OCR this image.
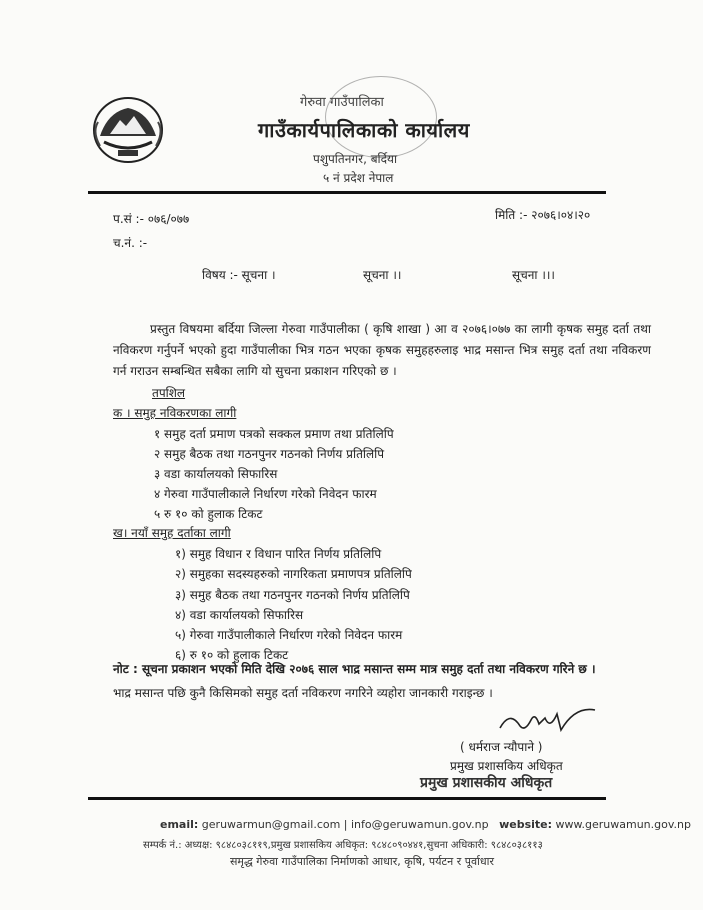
गेरुवा गाउँपालिका
गाउँकार्यपालिकाको कार्यालय
पशुपतिनगर, बर्दिया
५ नं प्रदेश नेपाल
प.सं :- ०७६/०७७	मिति :- २०७६।०४।२०
च.नं. :-
विषय :- सूचना ।	सूचना ।।	सूचना ।।।
प्रस्तुत विषयमा बर्दिया जिल्ला गेरुवा गाउँपालीका ( कृषि शाखा ) आ व २०७६।०७७ का लागी कृषक समुह दर्ता तथा नविकरण गर्नुपर्ने भएको हुदा गाउँपालीका भित्र गठन भएका कृषक समुहहरुलाइ भाद्र मसान्त भित्र समुह दर्ता तथा नविकरण गर्न गराउन सम्बन्धित सबैका लागि यो सुचना प्रकाशन गरिएको छ ।
तपशिल
क । समुह नविकरणका लागी
१ समुह दर्ता प्रमाण पत्रको सक्कल प्रमाण तथा प्रतिलिपि
२ समुह बैठक तथा गठनपुनर गठनको निर्णय प्रतिलिपि
३ वडा कार्यालयको सिफारिस
४ गेरुवा गाउँपालीकाले निर्धारण गरेको निवेदन फारम
५ रु १० को हुलाक टिकट
ख। नयाँ समुह दर्ताका लागी
१) समुह विधान र विधान पारित निर्णय प्रतिलिपि
२) समुहका सदस्यहरुको नागरिकता प्रमाणपत्र प्रतिलिपि
३) समुह बैठक तथा गठनपुनर गठनको निर्णय प्रतिलिपि
४) वडा कार्यालयको सिफारिस
५) गेरुवा गाउँपालीकाले निर्धारण गरेको निवेदन फारम
६) रु १० को हुलाक टिकट
नोट : सूचना प्रकाशन भएको मिति देखि २०७६ साल भाद्र मसान्त सम्म मात्र समुह दर्ता तथा नविकरण गरिने छ ।
भाद्र मसान्त पछि कुनै किसिमको समुह दर्ता नविकरण नगरिने व्यहोरा जानकारी गराइन्छ ।
( धर्मराज न्यौपाने )
प्रमुख प्रशासकिय अधिकृत
प्रमुख प्रशासकीय अधिकृत
email: geruwarmun@gmail.com | info@geruwamun.gov.np website: www.geruwamun.gov.np
सम्पर्क नं.: अध्यक्ष: ९८४८०३८११९,प्रमुख प्रशासकिय अधिकृत: ९८४८०९०४४१,सुचना अधिकारी: ९८४८०३८११३
समृद्ध गेरुवा गाउँपालिका निर्माणको आधार, कृषि, पर्यटन र पूर्वाधार
